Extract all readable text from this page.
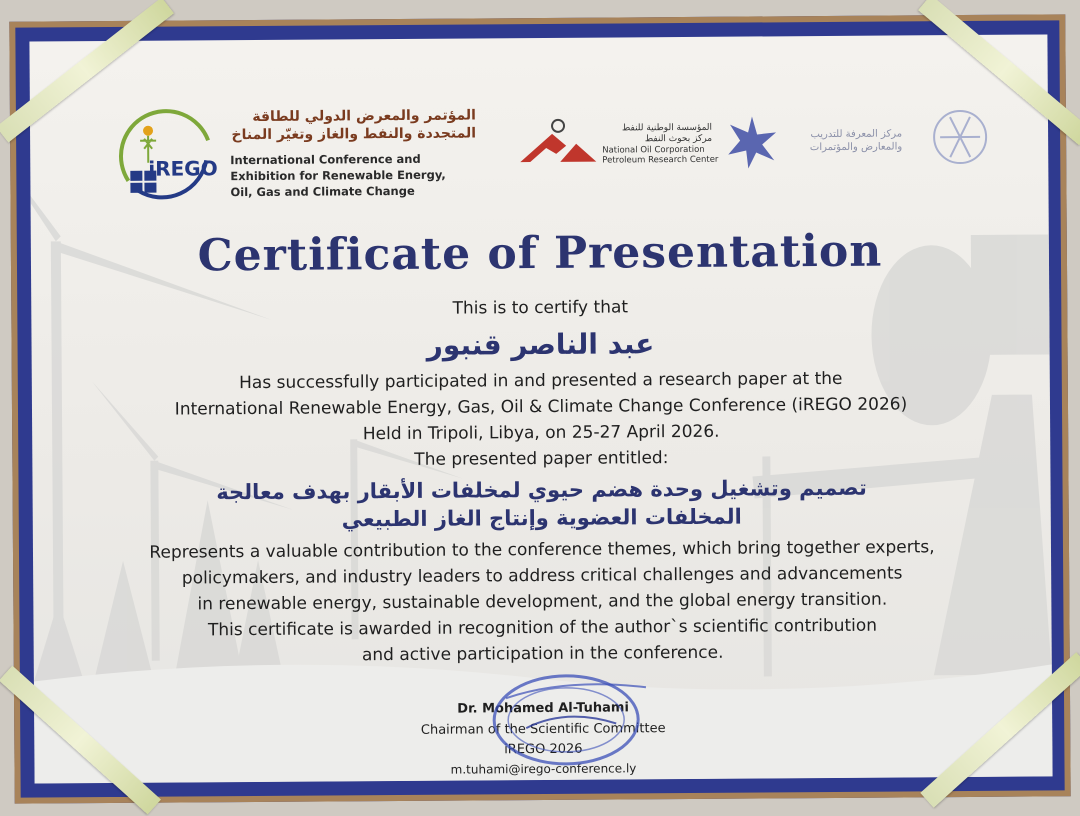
iREGO
المؤتمر والمعرض الدولي للطاقة
المتجددة والنفط والغاز وتغيّر المناخ
International Conference and
Exhibition for Renewable Energy,
Oil, Gas and Climate Change
المؤسسة الوطنية للنفط
مركز بحوث النفط
National Oil Corporation
Petroleum Research Center
مركز المعرفة للتدريب
والمعارض والمؤتمرات
Certificate of Presentation
This is to certify that
عبد الناصر قنبور
Has successfully participated in and presented a research paper at the
International Renewable Energy, Gas, Oil & Climate Change Conference (iREGO 2026)
Held in Tripoli, Libya, on 25-27 April 2026.
The presented paper entitled:
تصميم وتشغيل وحدة هضم حيوي لمخلفات الأبقار بهدف معالجة
المخلفات العضوية وإنتاج الغاز الطبيعي
Represents a valuable contribution to the conference themes, which bring together experts,
policymakers, and industry leaders to address critical challenges and advancements
in renewable energy, sustainable development, and the global energy transition.
This certificate is awarded in recognition of the author`s scientific contribution
and active participation in the conference.
Dr. Mohamed Al-Tuhami
Chairman of the Scientific Committee
iREGO 2026
m.tuhami@irego-conference.ly
